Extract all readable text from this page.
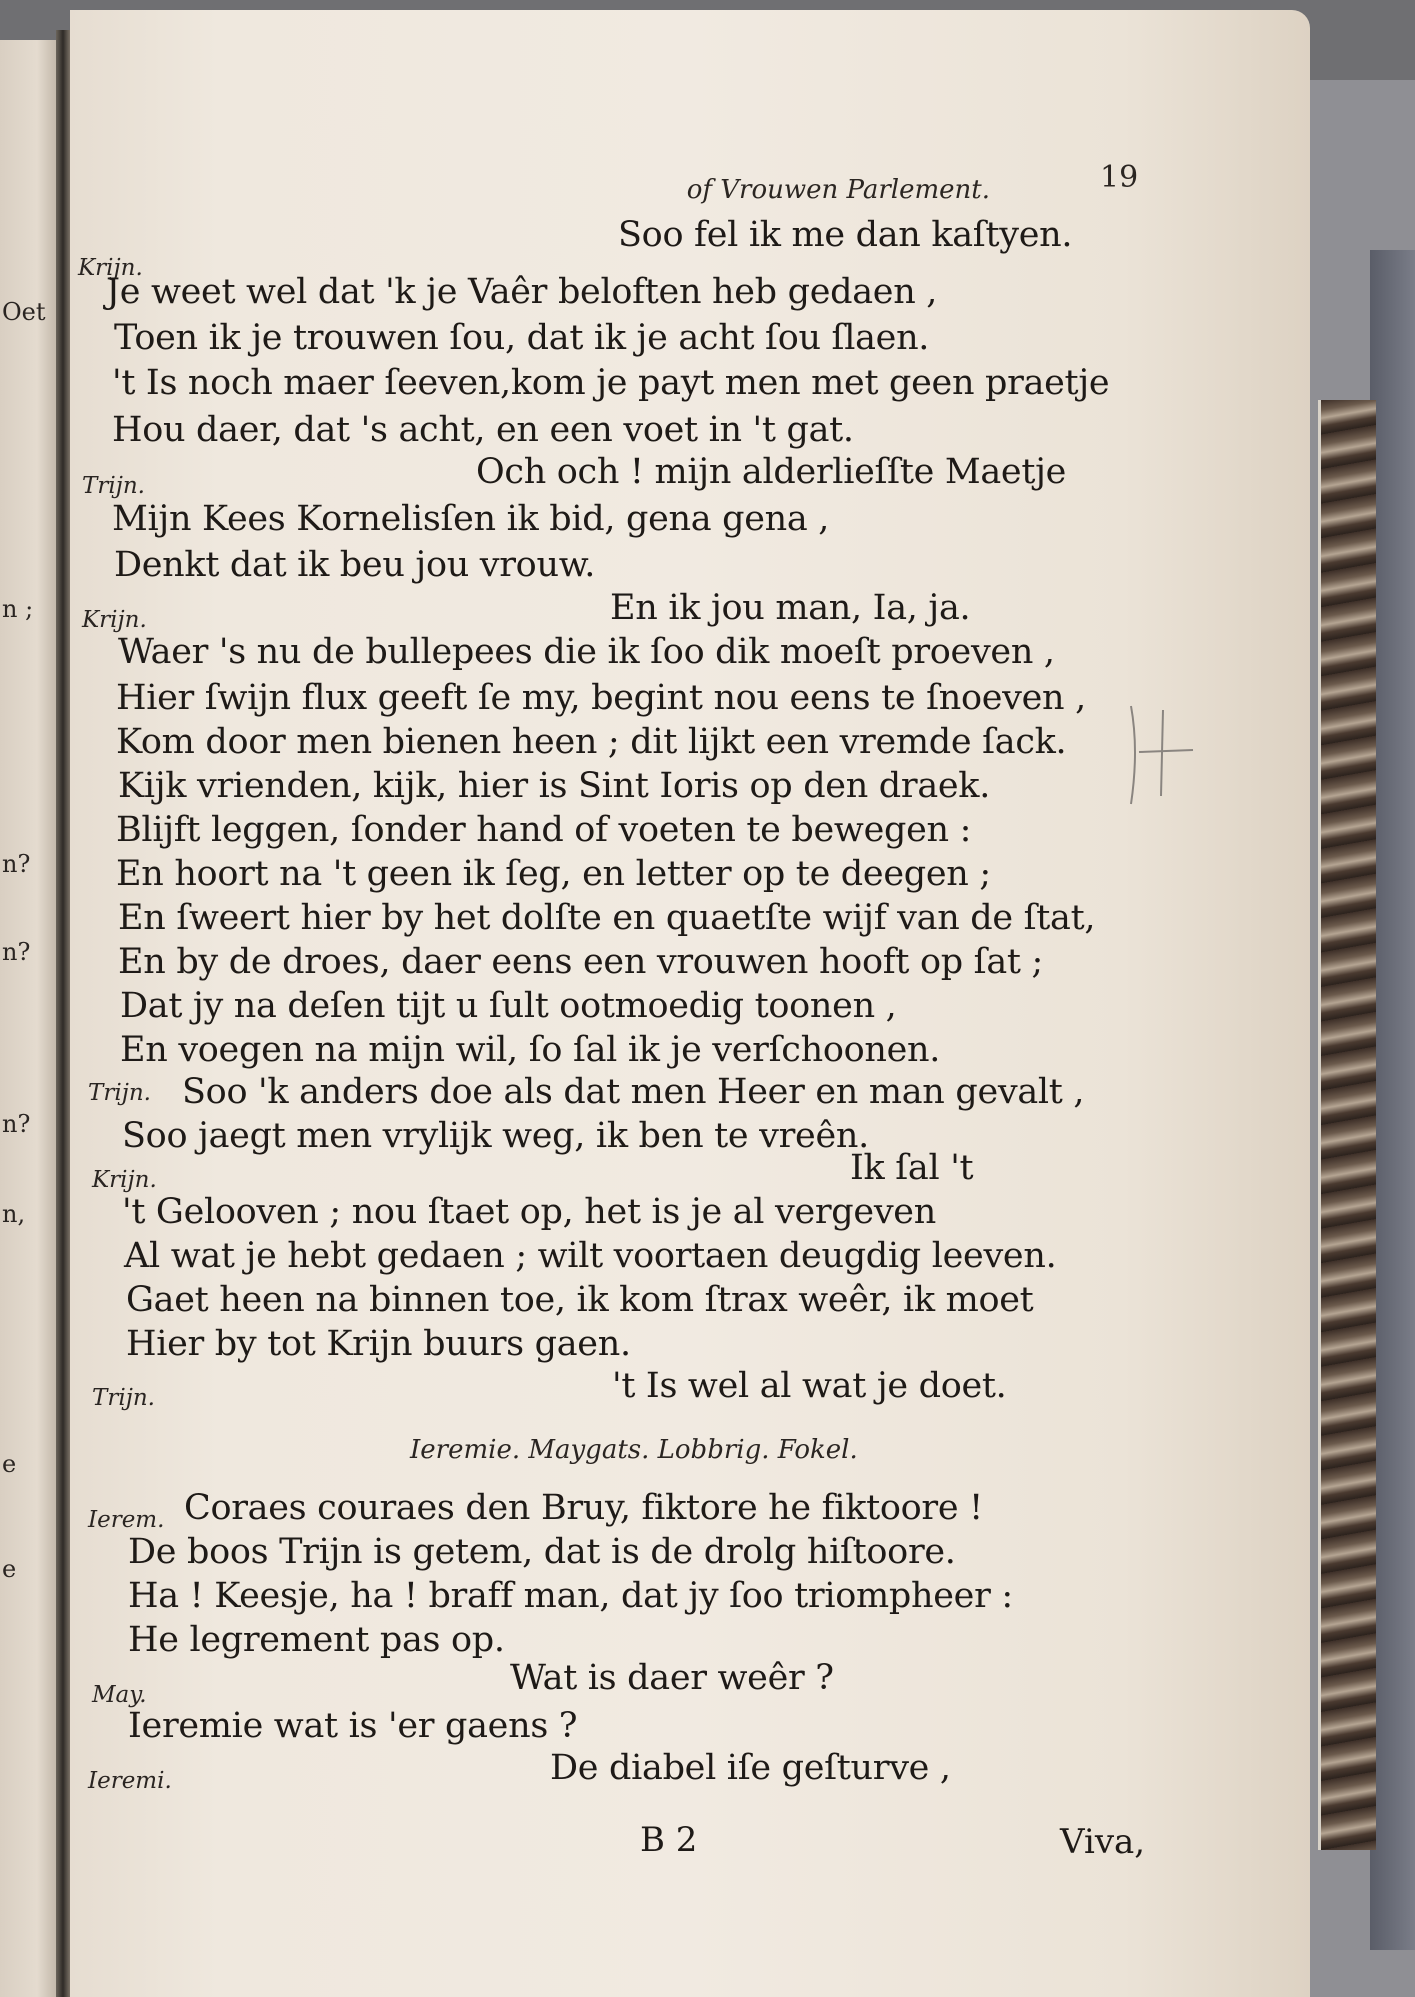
Oet
n ;
n?
n?
n?
n,
e
e
of Vrouwen Parlement.	19
Soo fel ik me dan kaſtyen.
Krijn.
Je weet wel dat 'k je Vaêr beloften heb gedaen ,
Toen ik je trouwen ſou, dat ik je acht ſou ſlaen.
't Is noch maer ſeeven,kom je payt men met geen praetje
Hou daer, dat 's acht, en een voet in 't gat.
Och och ! mijn alderlieſſte Maetje
Trijn.
Mijn Kees Kornelisſen ik bid, gena gena ,
Denkt dat ik beu jou vrouw.
En ik jou man, Ia, ja.
Krijn.
Waer 's nu de bullepees die ik ſoo dik moeſt proeven ,
Hier ſwijn flux geeft ſe my, begint nou eens te ſnoeven ,
Kom door men bienen heen ; dit lijkt een vremde ſack.
Kijk vrienden, kijk, hier is Sint Ioris op den draek.
Blijft leggen, ſonder hand of voeten te bewegen :
En hoort na 't geen ik ſeg, en letter op te deegen ;
En ſweert hier by het dolſte en quaetſte wijf van de ſtat,
En by de droes, daer eens een vrouwen hooft op ſat ;
Dat jy na deſen tijt u ſult ootmoedig toonen ,
En voegen na mijn wil, ſo ſal ik je verſchoonen.
Trijn. Soo 'k anders doe als dat men Heer en man gevalt ,
Soo jaegt men vrylijk weg, ik ben te vreên.
Ik ſal 't
Krijn.
't Gelooven ; nou ſtaet op, het is je al vergeven
Al wat je hebt gedaen ; wilt voortaen deugdig leeven.
Gaet heen na binnen toe, ik kom ſtrax weêr, ik moet
Hier by tot Krijn buurs gaen.
't Is wel al wat je doet.
Trijn.
Ieremie. Maygats. Lobbrig. Fokel.
Ierem. Coraes couraes den Bruy, fiktore he fiktoore !
De boos Trijn is getem, dat is de drolg hiſtoore.
Ha ! Keesje, ha ! braff man, dat jy ſoo triompheer :
He legrement pas op.
Wat is daer weêr ?
May.
Ieremie wat is 'er gaens ?
De diabel iſe geſturve ,
Ieremi.
B 2	Viva,
